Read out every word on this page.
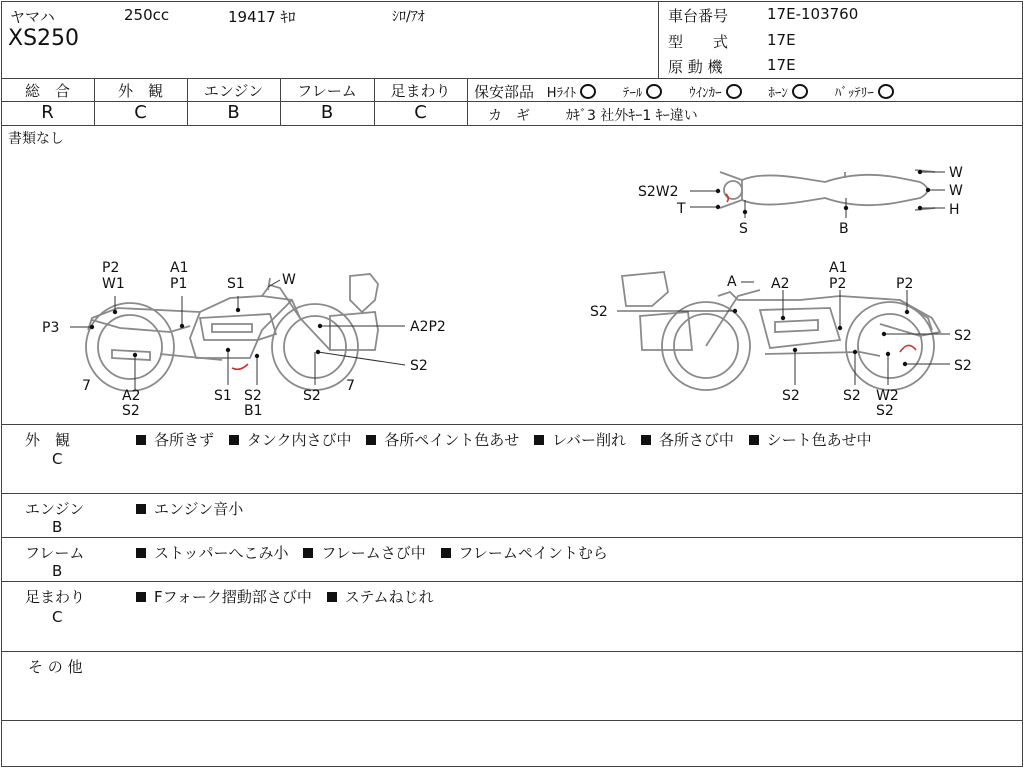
ヤマハ	250cc	19417 ｷﾛ	ｼﾛ/ｱｵ
XS250
車台番号	17E-103760
型　　式	17E
原 動 機	17E
総　合	外　観	エンジン	フレーム	足まわり
R	C	B	B	C
保安部品 Hﾗｲﾄ	ﾃｰﾙ	ｳｲﾝｶｰ	ﾎｰﾝ	ﾊﾞｯﾃﾘｰ
カ　ギ	ｶｷﾞ3 社外ｷｰ1 ｷｰ違い
書類なし
P2
W1
A1
P1	S1	W
P3	A2P2
S2
7
A2
S2
S1 S2
B1
S2
7
S2W2
T
S	B
W
W
H
A A2
A1
P2	P2
S2
S2
S2
S2	S2 W2
S2
外　観
C
各所きず タンク内さび中 各所ペイント色あせ レバー削れ 各所さび中 シート色あせ中
エンジン
B
エンジン音小
フレーム
B
ストッパーへこみ小 フレームさび中 フレームペイントむら
足まわり
C
Fフォーク摺動部さび中 ステムねじれ
そ の 他
